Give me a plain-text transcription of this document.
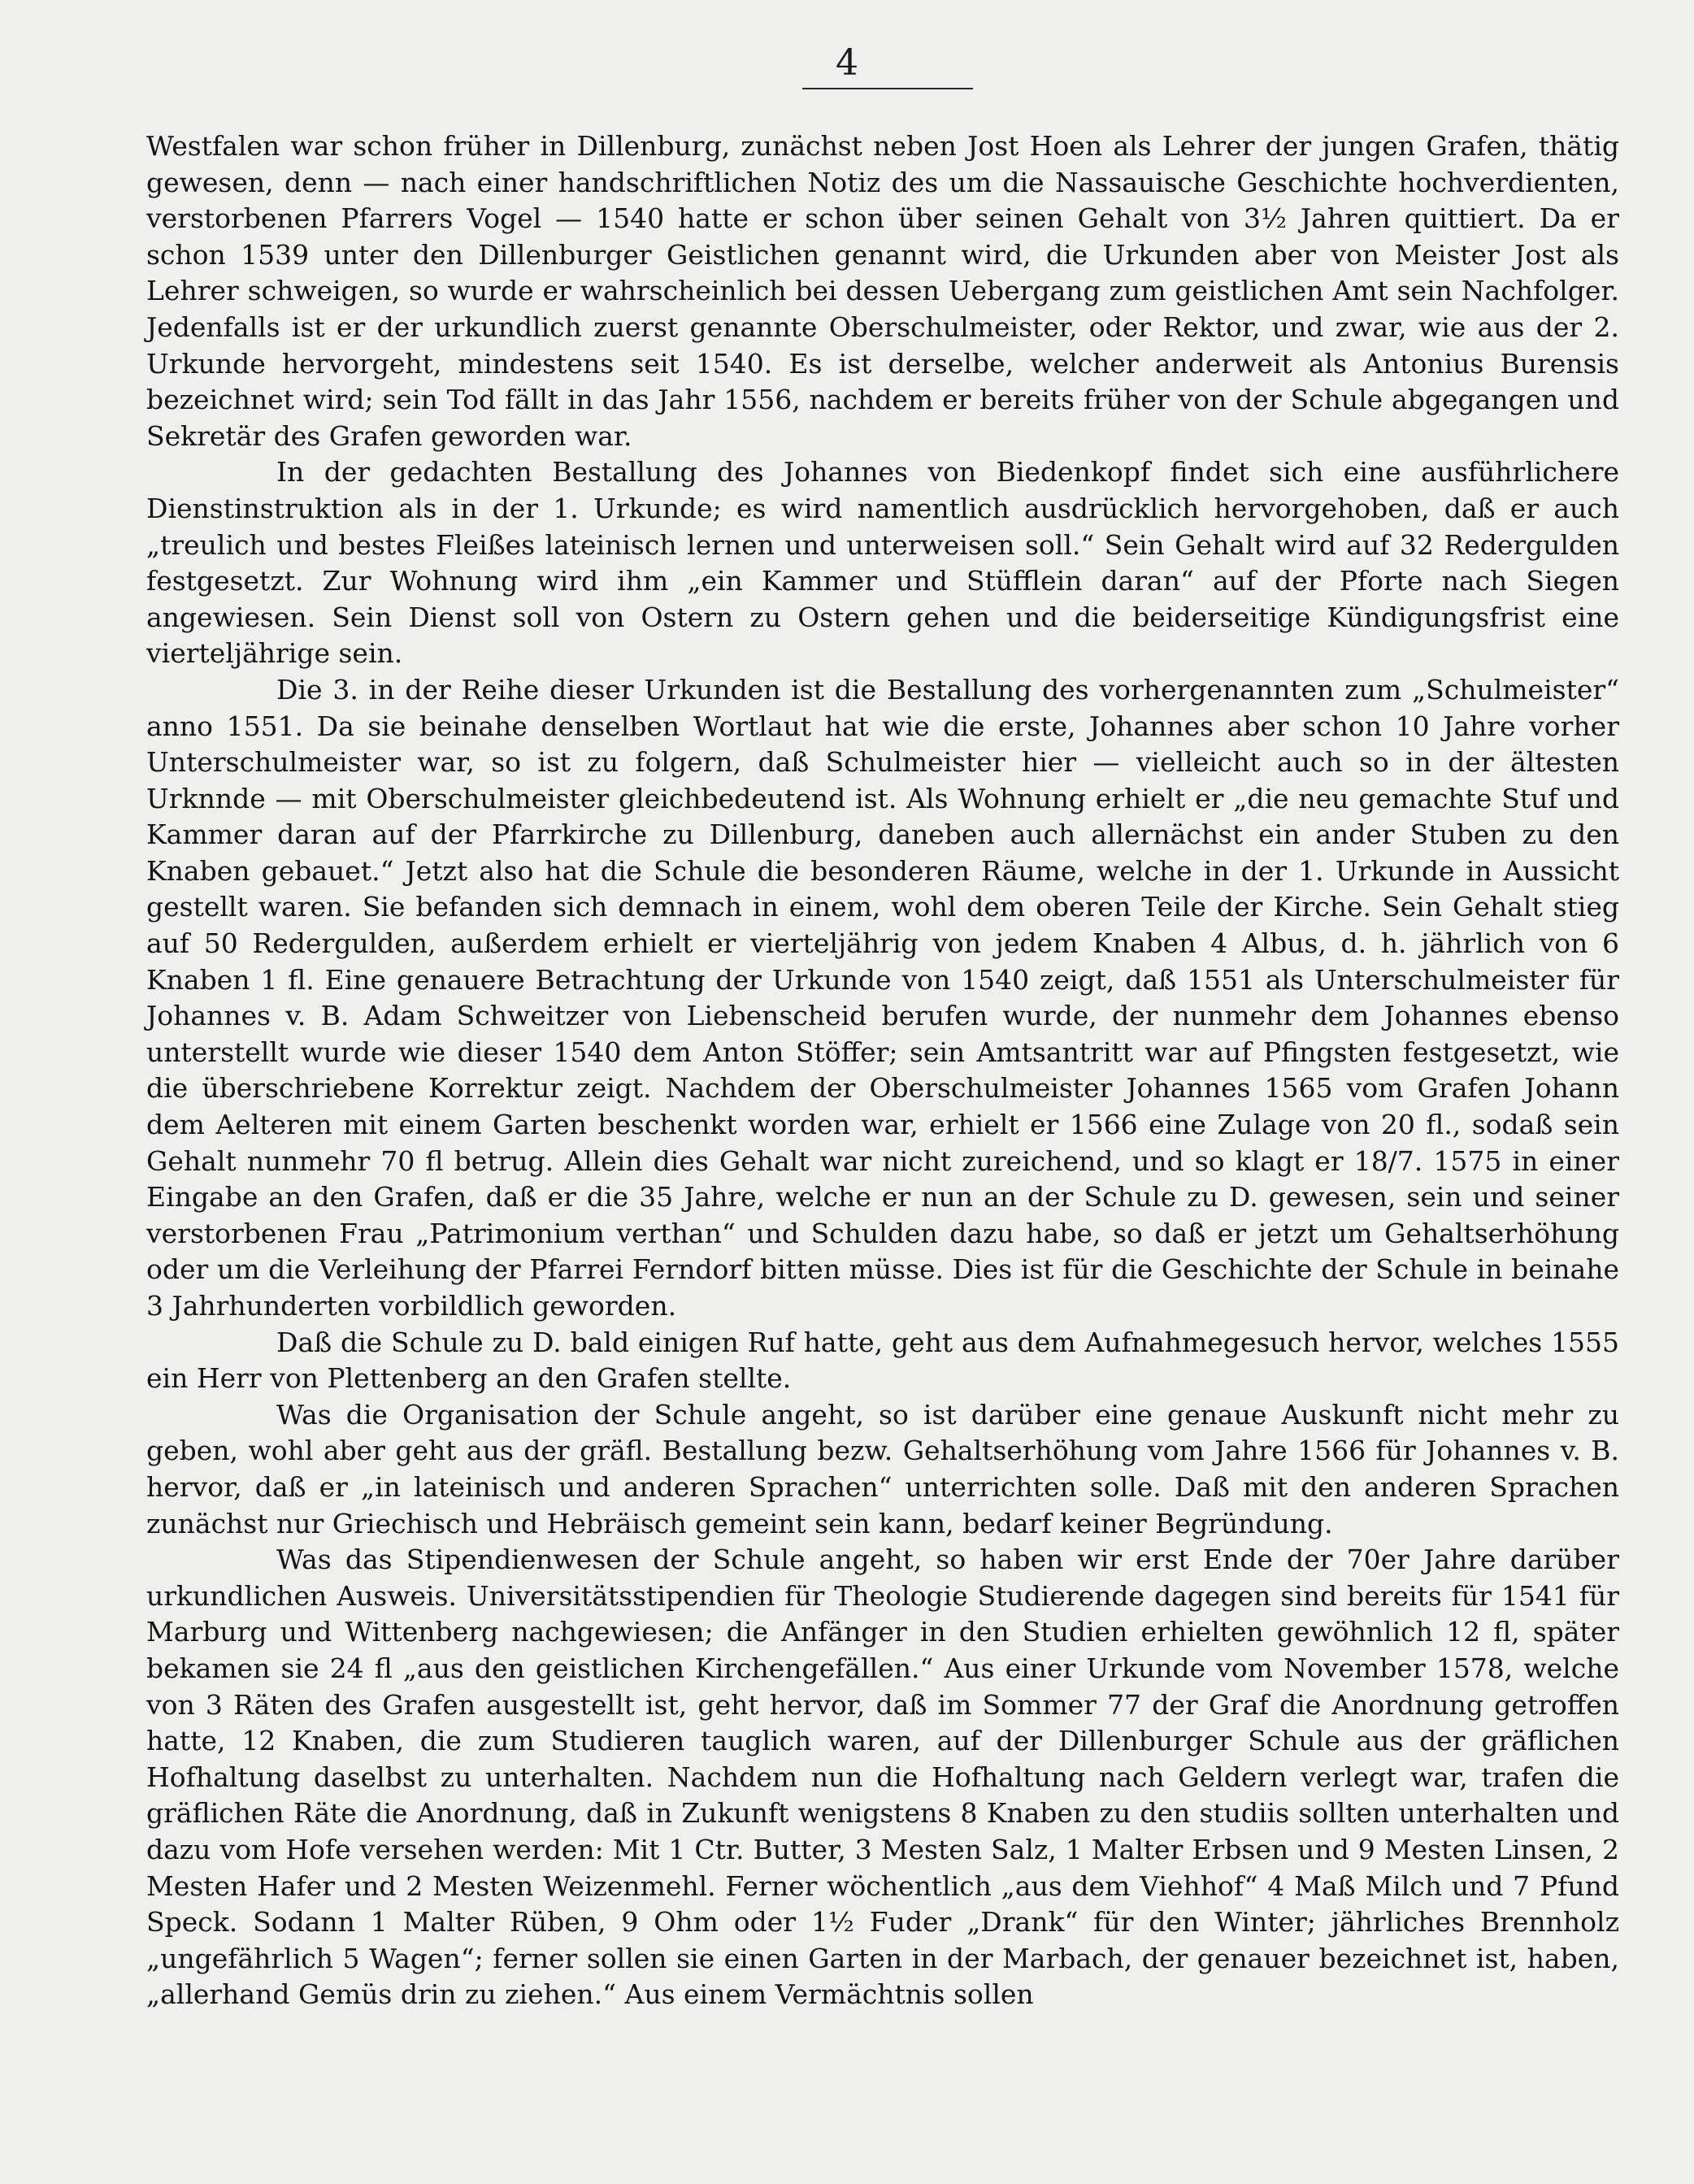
4

Westfalen war schon früher in Dillenburg, zunächst neben Jost Hoen als Lehrer der jungen Grafen, thätig gewesen, denn — nach einer handschriftlichen Notiz des um die Nassauische Geschichte hochverdienten, verstorbenen Pfarrers Vogel — 1540 hatte er schon über seinen Gehalt von 3½ Jahren quittiert. Da er schon 1539 unter den Dillenburger Geistlichen genannt wird, die Urkunden aber von Meister Jost als Lehrer schweigen, so wurde er wahrscheinlich bei dessen Uebergang zum geistlichen Amt sein Nachfolger. Jedenfalls ist er der urkundlich zuerst genannte Oberschulmeister, oder Rektor, und zwar, wie aus der 2. Urkunde hervorgeht, mindestens seit 1540. Es ist derselbe, welcher anderweit als Antonius Burensis bezeichnet wird; sein Tod fällt in das Jahr 1556, nachdem er bereits früher von der Schule abgegangen und Sekretär des Grafen geworden war.

In der gedachten Bestallung des Johannes von Biedenkopf findet sich eine ausführlichere Dienstinstruktion als in der 1. Urkunde; es wird namentlich ausdrücklich hervorgehoben, daß er auch „treulich und bestes Fleißes lateinisch lernen und unterweisen soll.“ Sein Gehalt wird auf 32 Redergulden festgesetzt. Zur Wohnung wird ihm „ein Kammer und Stüfflein daran“ auf der Pforte nach Siegen angewiesen. Sein Dienst soll von Ostern zu Ostern gehen und die beiderseitige Kündigungsfrist eine vierteljährige sein.

Die 3. in der Reihe dieser Urkunden ist die Bestallung des vorhergenannten zum „Schulmeister“ anno 1551. Da sie beinahe denselben Wortlaut hat wie die erste, Johannes aber schon 10 Jahre vorher Unterschulmeister war, so ist zu folgern, daß Schulmeister hier — vielleicht auch so in der ältesten Urknnde — mit Oberschulmeister gleichbedeutend ist. Als Wohnung erhielt er „die neu gemachte Stuf und Kammer daran auf der Pfarrkirche zu Dillenburg, daneben auch allernächst ein ander Stuben zu den Knaben gebauet.“ Jetzt also hat die Schule die besonderen Räume, welche in der 1. Urkunde in Aussicht gestellt waren. Sie befanden sich demnach in einem, wohl dem oberen Teile der Kirche. Sein Gehalt stieg auf 50 Redergulden, außerdem erhielt er vierteljährig von jedem Knaben 4 Albus, d. h. jährlich von 6 Knaben 1 fl. Eine genauere Betrachtung der Urkunde von 1540 zeigt, daß 1551 als Unterschulmeister für Johannes v. B. Adam Schweitzer von Liebenscheid berufen wurde, der nunmehr dem Johannes ebenso unterstellt wurde wie dieser 1540 dem Anton Stöffer; sein Amtsantritt war auf Pfingsten festgesetzt, wie die überschriebene Korrektur zeigt. Nachdem der Oberschulmeister Johannes 1565 vom Grafen Johann dem Aelteren mit einem Garten beschenkt worden war, erhielt er 1566 eine Zulage von 20 fl., sodaß sein Gehalt nunmehr 70 fl betrug. Allein dies Gehalt war nicht zureichend, und so klagt er 18/7. 1575 in einer Eingabe an den Grafen, daß er die 35 Jahre, welche er nun an der Schule zu D. gewesen, sein und seiner verstorbenen Frau „Patrimonium verthan“ und Schulden dazu habe, so daß er jetzt um Gehaltserhöhung oder um die Verleihung der Pfarrei Ferndorf bitten müsse. Dies ist für die Geschichte der Schule in beinahe 3 Jahrhunderten vorbildlich geworden.

Daß die Schule zu D. bald einigen Ruf hatte, geht aus dem Aufnahmegesuch hervor, welches 1555 ein Herr von Plettenberg an den Grafen stellte.

Was die Organisation der Schule angeht, so ist darüber eine genaue Auskunft nicht mehr zu geben, wohl aber geht aus der gräfl. Bestallung bezw. Gehaltserhöhung vom Jahre 1566 für Johannes v. B. hervor, daß er „in lateinisch und anderen Sprachen“ unterrichten solle. Daß mit den anderen Sprachen zunächst nur Griechisch und Hebräisch gemeint sein kann, bedarf keiner Begründung.

Was das Stipendienwesen der Schule angeht, so haben wir erst Ende der 70er Jahre darüber urkundlichen Ausweis. Universitätsstipendien für Theologie Studierende dagegen sind bereits für 1541 für Marburg und Wittenberg nachgewiesen; die Anfänger in den Studien erhielten gewöhnlich 12 fl, später bekamen sie 24 fl „aus den geistlichen Kirchengefällen.“ Aus einer Urkunde vom November 1578, welche von 3 Räten des Grafen ausgestellt ist, geht hervor, daß im Sommer 77 der Graf die Anordnung getroffen hatte, 12 Knaben, die zum Studieren tauglich waren, auf der Dillenburger Schule aus der gräflichen Hofhaltung daselbst zu unterhalten. Nachdem nun die Hofhaltung nach Geldern verlegt war, trafen die gräflichen Räte die Anordnung, daß in Zukunft wenigstens 8 Knaben zu den studiis sollten unterhalten und dazu vom Hofe versehen werden: Mit 1 Ctr. Butter, 3 Mesten Salz, 1 Malter Erbsen und 9 Mesten Linsen, 2 Mesten Hafer und 2 Mesten Weizenmehl. Ferner wöchentlich „aus dem Viehhof“ 4 Maß Milch und 7 Pfund Speck. Sodann 1 Malter Rüben, 9 Ohm oder 1½ Fuder „Drank“ für den Winter; jährliches Brennholz „ungefährlich 5 Wagen“; ferner sollen sie einen Garten in der Marbach, der genauer bezeichnet ist, haben, „allerhand Gemüs drin zu ziehen.“ Aus einem Vermächtnis sollen
